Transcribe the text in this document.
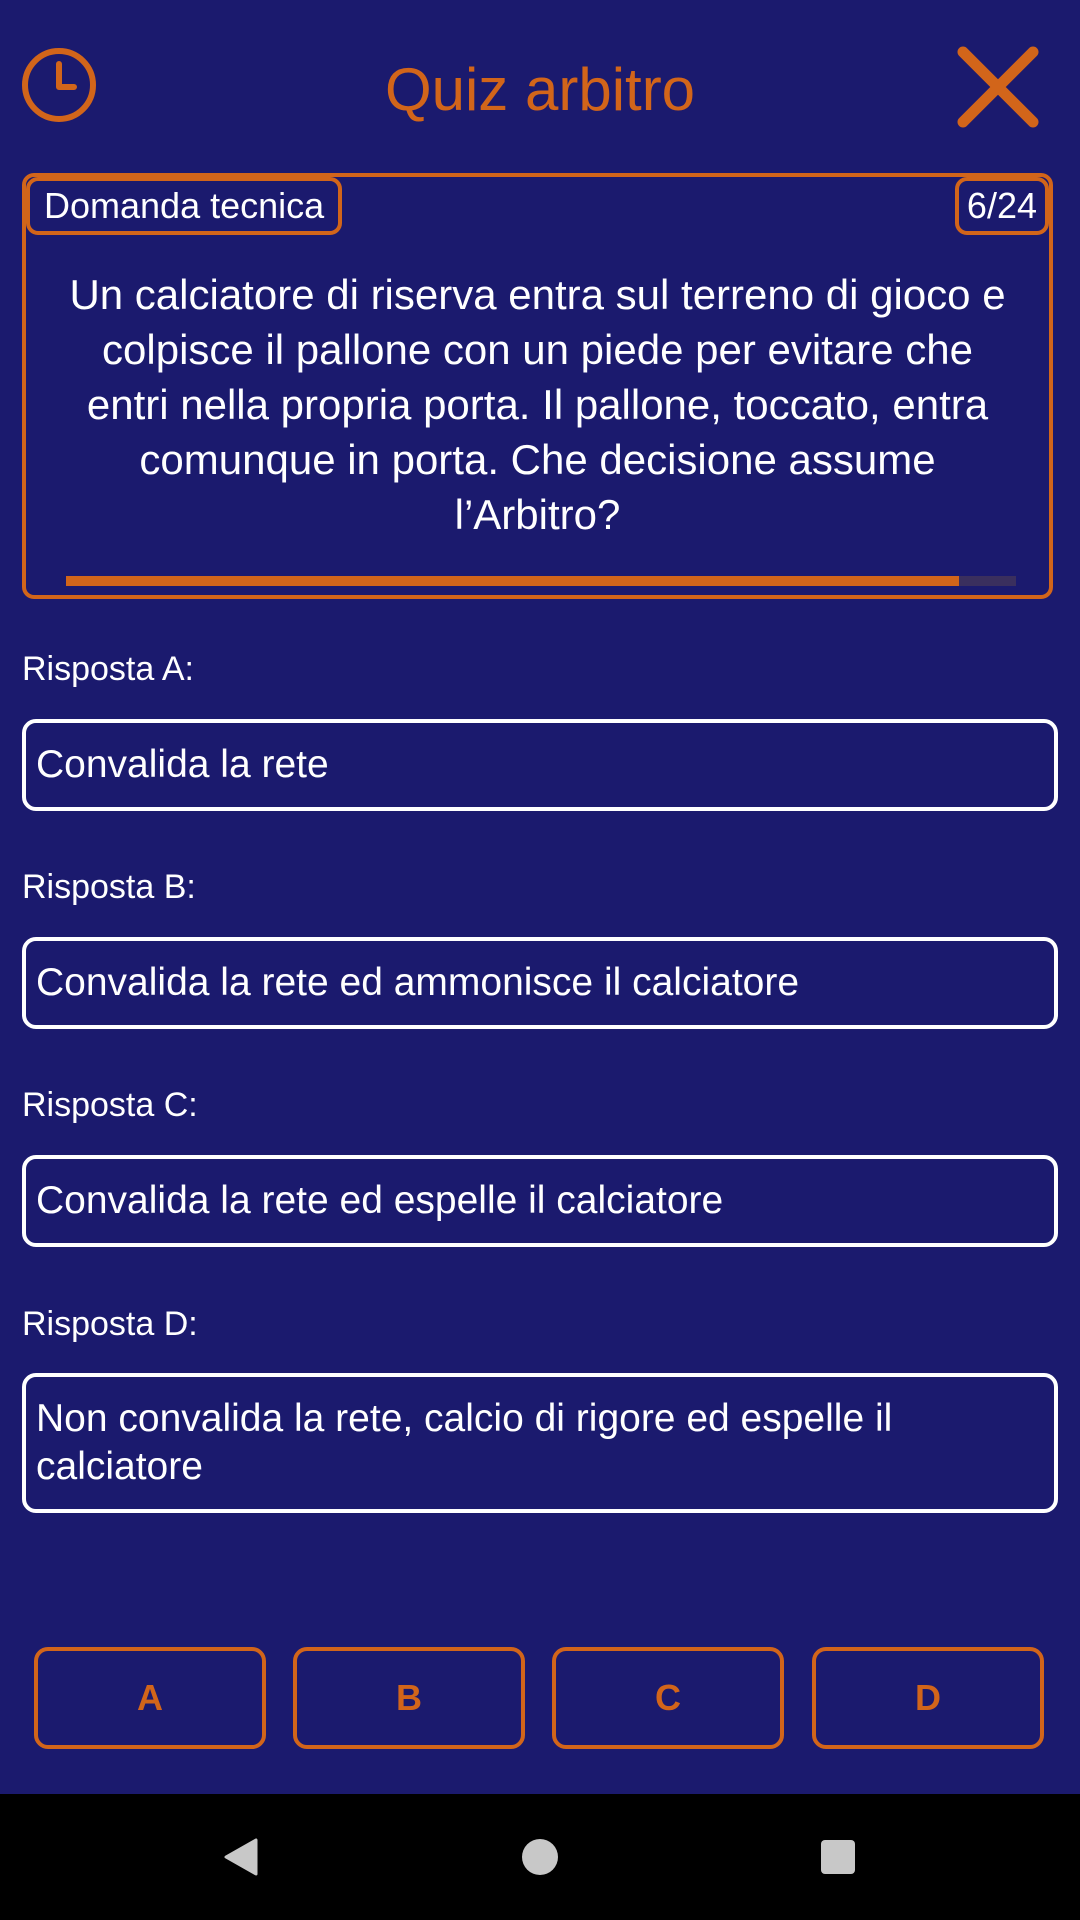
Quiz arbitro
Domanda tecnica	6/24
Un calciatore di riserva entra sul terreno di gioco e colpisce il pallone con un piede per evitare che entri nella propria porta. Il pallone, toccato, entra comunque in porta. Che decisione assume l’Arbitro?
Risposta A:
Convalida la rete
Risposta B:
Convalida la rete ed ammonisce il calciatore
Risposta C:
Convalida la rete ed espelle il calciatore
Risposta D:
Non convalida la rete, calcio di rigore ed espelle il calciatore
A	B	C	D
